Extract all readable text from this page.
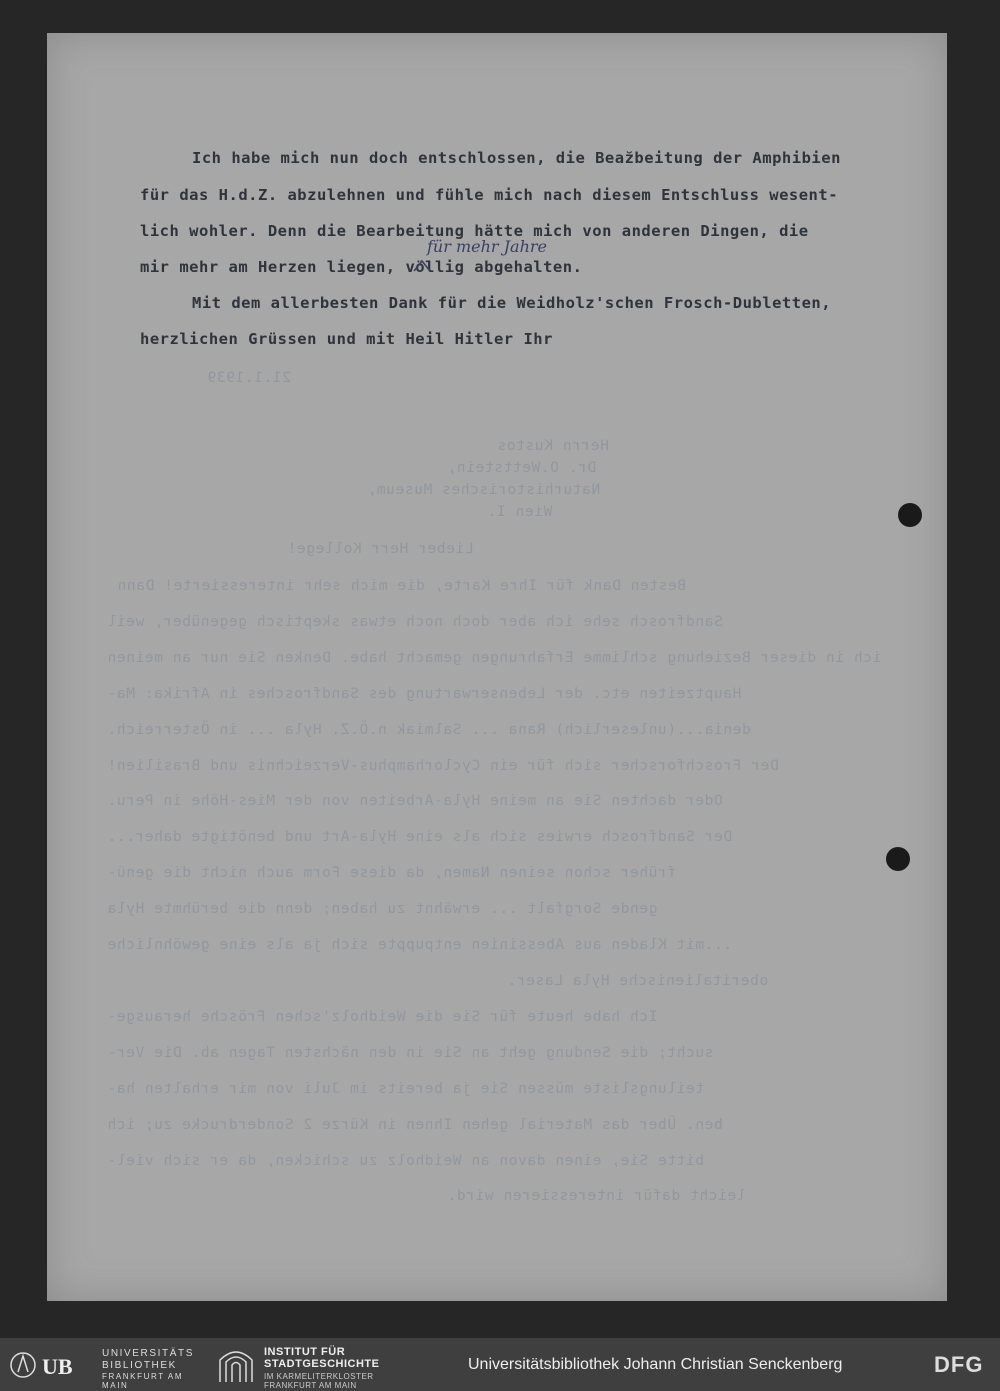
21.1.1939
Herrn Kustos
Dr. O.Wettstein,
Naturhistorisches Museum,
Wien I.
Lieber Herr Kollege!
Besten Dank für Ihre Karte, die mich sehr interessierte! Dann
Sandfrosch sehe ich aber doch noch etwas skeptisch gegenüber, weil
ich in dieser Beziehung schlimme Erfahrungen gemacht habe. Denken Sie nur an meinen
Hauptzeiten etc. der Lebenserwartung des Sandfrosches in Afrika: Ma-
denia...(unleserlich) Rana ... Salmiak n.Ö.Z. Hyla ... in Österreich.
Der Froschforscher sich für ein Cyclorhamphus-Verzeichnis und Brasilien!
Oder dachten Sie an meine Hyla-Arbeiten von der Mies-Höhe in Peru.
Der Sandfrosch erwies sich als eine Hyla-Art und benötigte daher...
früher schon seinen Namen, da diese Form auch nicht die genü-
gende Sorgfalt ... erwähnt zu haben; denn die berühmte Hyla
...mit Kladen aus Abessinien entpuppte sich ja als eine gewöhnliche
oberitalienische Hyla Laser.
Ich habe heute für Sie die Weidholz'schen Frösche herausge-
sucht; die Sendung geht an Sie in den nächsten Tagen ab. Die Ver-
teilungsliste müssen Sie ja bereits im Juli von mir erhalten ha-
ben. Über das Material gehen Ihnen in Kürze 2 Sonderdrucke zu; ich
bitte Sie, einen davon an Weidholz zu schicken, da er sich viel-
leicht dafür interessieren wird.
Ich habe mich nun doch entschlossen, die Beaz̆beitung der Amphibien
für das H.d.Z. abzulehnen und fühle mich nach diesem Entschluss wesent-
lich wohler. Denn die Bearbeitung hätte mich von anderen Dingen, die
mir mehr am Herzen liegen, völlig abgehalten.
Mit dem allerbesten Dank für die Weidholz'schen Frosch-Dubletten,
herzlichen Grüssen und mit Heil Hitler Ihr
für mehr Jahre
UB
UNIVERSITÄTS
BIBLIOTHEK
FRANKFURT AM MAIN
INSTITUT FÜR
STADTGESCHICHTE
IM KARMELITERKLOSTER
FRANKFURT AM MAIN
Universitätsbibliothek Johann Christian Senckenberg	DFG
